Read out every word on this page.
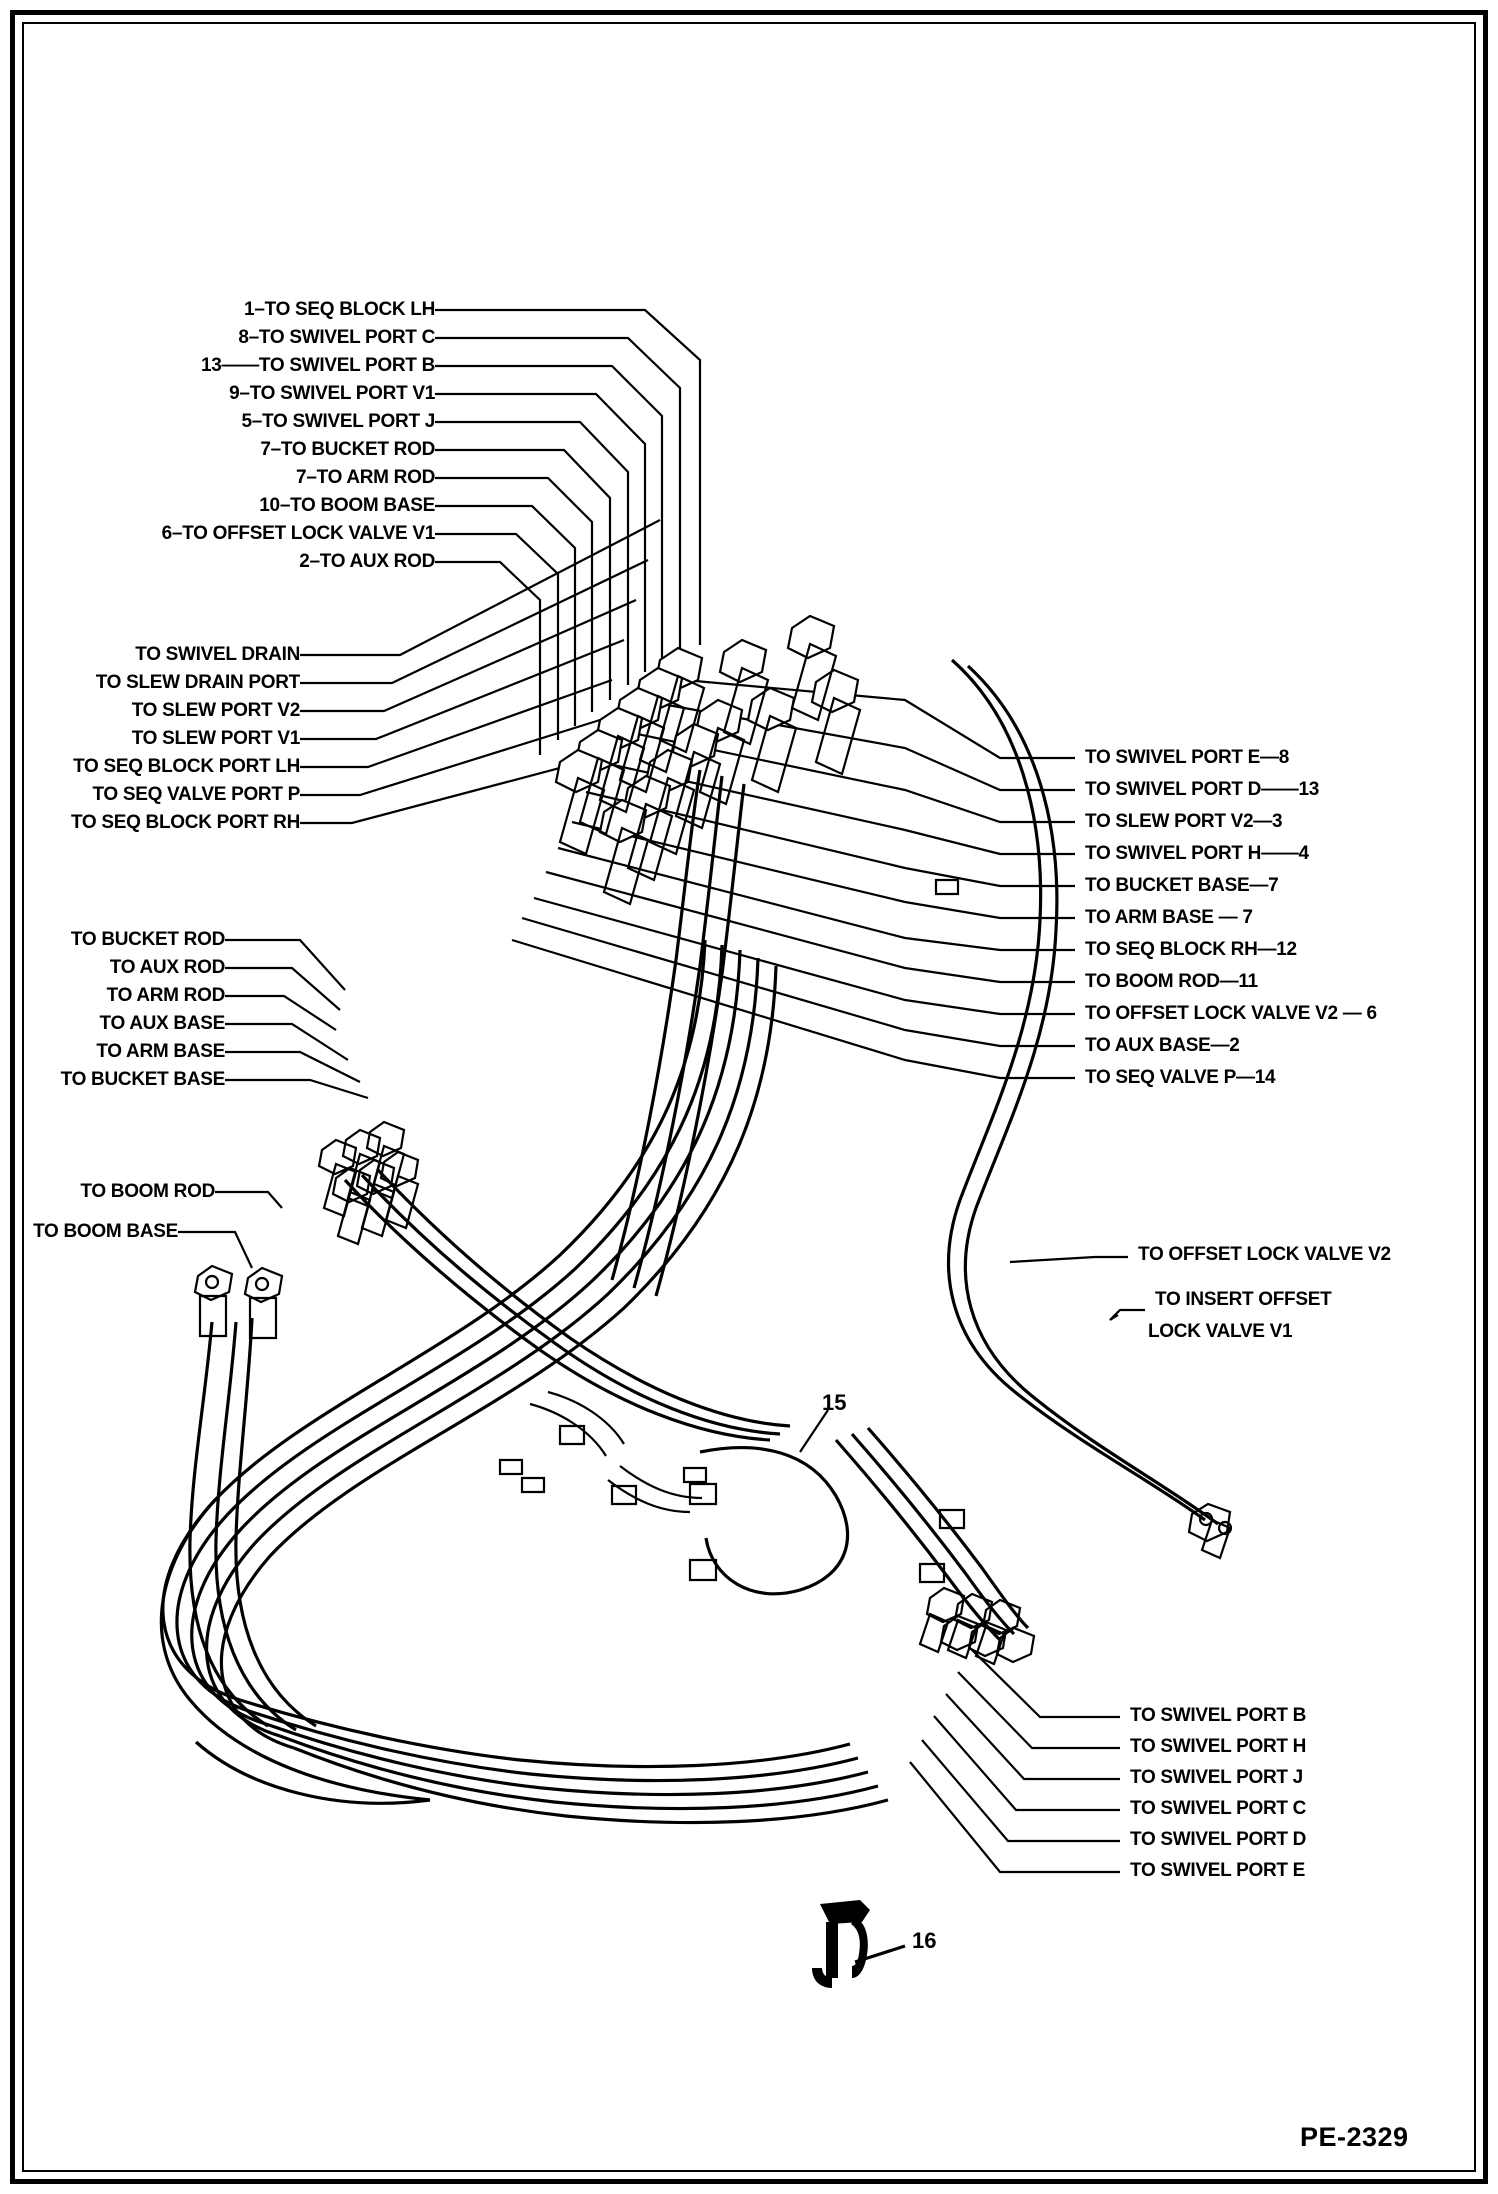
1–TO SEQ BLOCK LH
8–TO SWIVEL PORT C
13——TO SWIVEL PORT B
9–TO SWIVEL PORT V1
5–TO SWIVEL PORT J
7–TO BUCKET ROD
7–TO ARM ROD
10–TO BOOM BASE
6–TO OFFSET LOCK VALVE V1
2–TO AUX ROD
TO SWIVEL DRAIN
TO SLEW DRAIN PORT
TO SLEW PORT V2
TO SLEW PORT V1
TO SEQ BLOCK PORT LH
TO SEQ VALVE PORT P
TO SEQ BLOCK PORT RH
TO BUCKET ROD
TO AUX ROD
TO ARM ROD
TO AUX BASE
TO ARM BASE
TO BUCKET BASE
TO BOOM ROD
TO BOOM BASE
TO SWIVEL PORT E—8
TO SWIVEL PORT D——13
TO SLEW PORT V2—3
TO SWIVEL PORT H——4
TO BUCKET BASE—7
TO ARM BASE — 7
TO SEQ BLOCK RH—12
TO BOOM ROD—11
TO OFFSET LOCK VALVE V2 — 6
TO AUX BASE—2
TO SEQ VALVE P—14
TO OFFSET LOCK VALVE V2
TO INSERT OFFSET
LOCK VALVE V1
TO SWIVEL PORT B
TO SWIVEL PORT H
TO SWIVEL PORT J
TO SWIVEL PORT C
TO SWIVEL PORT D
TO SWIVEL PORT E
15
16
PE-2329
